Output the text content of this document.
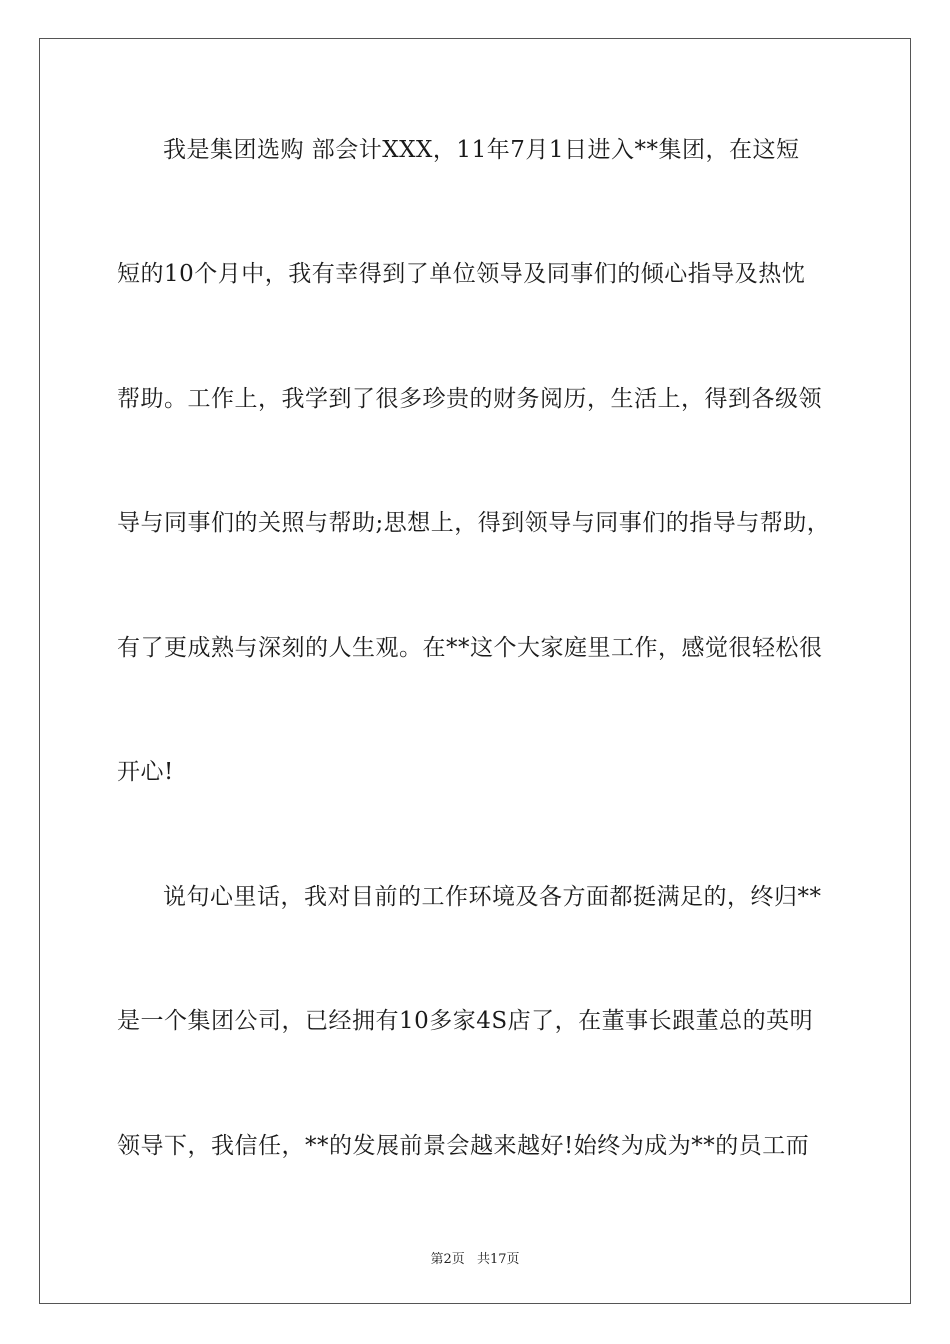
我是集团选购 部会计XXX，11年7月1日进入**集团，在这短
短的10个月中，我有幸得到了单位领导及同事们的倾心指导及热忱
帮助。工作上，我学到了很多珍贵的财务阅历，生活上，得到各级领
导与同事们的关照与帮助;思想上，得到领导与同事们的指导与帮助，
有了更成熟与深刻的人生观。在**这个大家庭里工作，感觉很轻松很
开心!
说句心里话，我对目前的工作环境及各方面都挺满足的，终归**
是一个集团公司，已经拥有10多家4S店了，在董事长跟董总的英明
领导下，我信任，**的发展前景会越来越好!始终为成为**的员工而
第2页 共17页
